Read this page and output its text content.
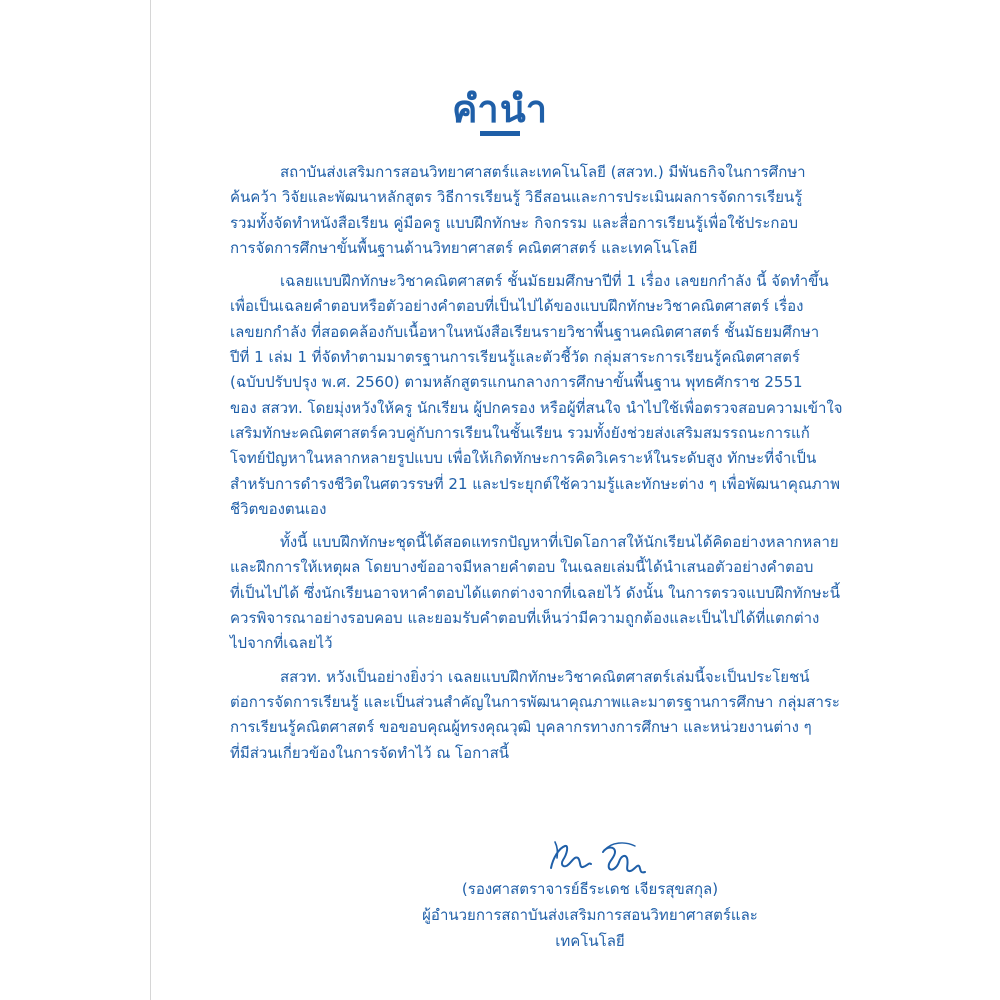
คำนำ
สถาบันส่งเสริมการสอนวิทยาศาสตร์และเทคโนโลยี (สสวท.) มีพันธกิจในการศึกษา
ค้นคว้า วิจัยและพัฒนาหลักสูตร วิธีการเรียนรู้ วิธีสอนและการประเมินผลการจัดการเรียนรู้
รวมทั้งจัดทำหนังสือเรียน คู่มือครู แบบฝึกทักษะ กิจกรรม และสื่อการเรียนรู้เพื่อใช้ประกอบ
การจัดการศึกษาขั้นพื้นฐานด้านวิทยาศาสตร์ คณิตศาสตร์ และเทคโนโลยี
เฉลยแบบฝึกทักษะวิชาคณิตศาสตร์ ชั้นมัธยมศึกษาปีที่ 1 เรื่อง เลขยกกำลัง นี้ จัดทำขึ้น
เพื่อเป็นเฉลยคำตอบหรือตัวอย่างคำตอบที่เป็นไปได้ของแบบฝึกทักษะวิชาคณิตศาสตร์ เรื่อง
เลขยกกำลัง ที่สอดคล้องกับเนื้อหาในหนังสือเรียนรายวิชาพื้นฐานคณิตศาสตร์ ชั้นมัธยมศึกษา
ปีที่ 1 เล่ม 1 ที่จัดทำตามมาตรฐานการเรียนรู้และตัวชี้วัด กลุ่มสาระการเรียนรู้คณิตศาสตร์
(ฉบับปรับปรุง พ.ศ. 2560) ตามหลักสูตรแกนกลางการศึกษาขั้นพื้นฐาน พุทธศักราช 2551
ของ สสวท. โดยมุ่งหวังให้ครู นักเรียน ผู้ปกครอง หรือผู้ที่สนใจ นำไปใช้เพื่อตรวจสอบความเข้าใจ
เสริมทักษะคณิตศาสตร์ควบคู่กับการเรียนในชั้นเรียน รวมทั้งยังช่วยส่งเสริมสมรรถนะการแก้
โจทย์ปัญหาในหลากหลายรูปแบบ เพื่อให้เกิดทักษะการคิดวิเคราะห์ในระดับสูง ทักษะที่จำเป็น
สำหรับการดำรงชีวิตในศตวรรษที่ 21 และประยุกต์ใช้ความรู้และทักษะต่าง ๆ เพื่อพัฒนาคุณภาพ
ชีวิตของตนเอง
ทั้งนี้ แบบฝึกทักษะชุดนี้ได้สอดแทรกปัญหาที่เปิดโอกาสให้นักเรียนได้คิดอย่างหลากหลาย
และฝึกการให้เหตุผล โดยบางข้ออาจมีหลายคำตอบ ในเฉลยเล่มนี้ได้นำเสนอตัวอย่างคำตอบ
ที่เป็นไปได้ ซึ่งนักเรียนอาจหาคำตอบได้แตกต่างจากที่เฉลยไว้ ดังนั้น ในการตรวจแบบฝึกทักษะนี้
ควรพิจารณาอย่างรอบคอบ และยอมรับคำตอบที่เห็นว่ามีความถูกต้องและเป็นไปได้ที่แตกต่าง
ไปจากที่เฉลยไว้
สสวท. หวังเป็นอย่างยิ่งว่า เฉลยแบบฝึกทักษะวิชาคณิตศาสตร์เล่มนี้จะเป็นประโยชน์
ต่อการจัดการเรียนรู้ และเป็นส่วนสำคัญในการพัฒนาคุณภาพและมาตรฐานการศึกษา กลุ่มสาระ
การเรียนรู้คณิตศาสตร์ ขอขอบคุณผู้ทรงคุณวุฒิ บุคลากรทางการศึกษา และหน่วยงานต่าง ๆ
ที่มีส่วนเกี่ยวข้องในการจัดทำไว้ ณ โอกาสนี้
(รองศาสตราจารย์ธีระเดช เจียรสุขสกุล)
ผู้อำนวยการสถาบันส่งเสริมการสอนวิทยาศาสตร์และเทคโนโลยี
